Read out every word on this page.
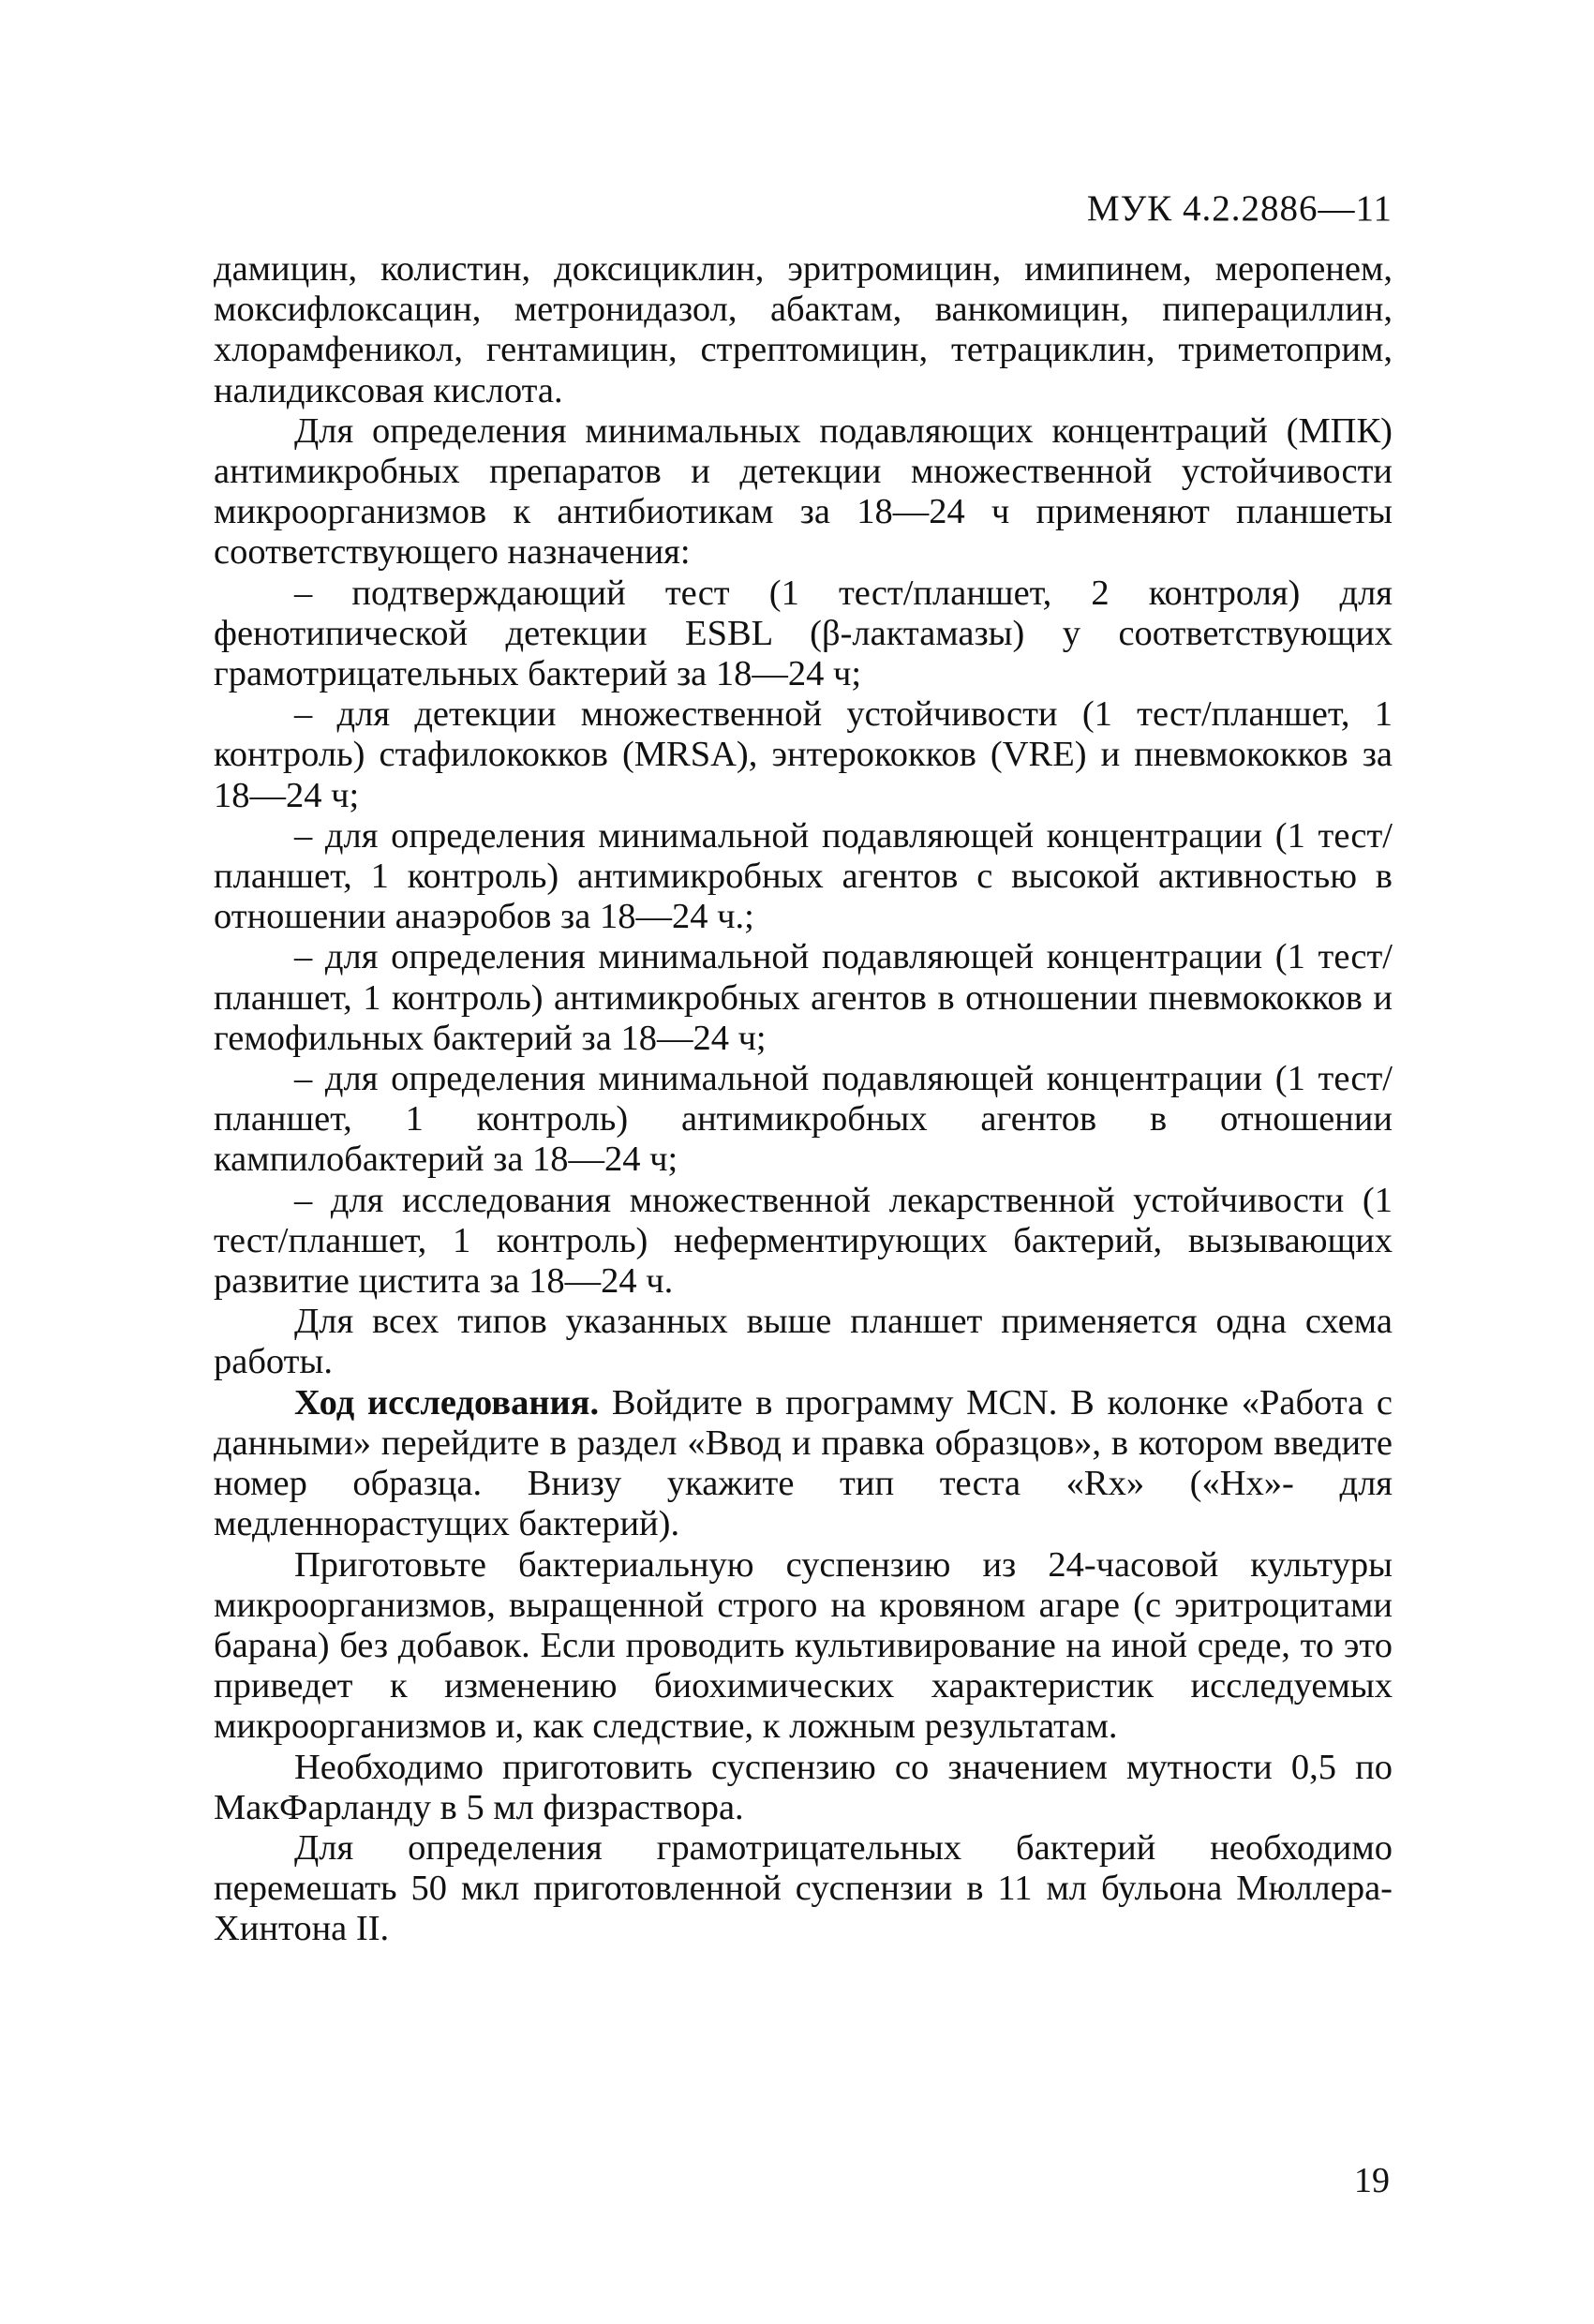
МУК 4.2.2886—11

дамицин, колистин, доксициклин, эритромицин, имипинем, меропенем, моксифлоксацин, метронидазол, абактам, ванкомицин, пиперациллин, хлорамфеникол, гентамицин, стрептомицин, тетрациклин, триметоприм, налидиксовая кислота.

Для определения минимальных подавляющих концентраций (МПК) антимикробных препаратов и детекции множественной устойчивости микроорганизмов к антибиотикам за 18—24 ч применяют планшеты соответствующего назначения:

– подтверждающий тест (1 тест/планшет, 2 контроля) для фенотипической детекции ESBL (β-лактамазы) у соответствующих грамотрицательных бактерий за 18—24 ч;

– для детекции множественной устойчивости (1 тест/планшет, 1 контроль) стафилококков (MRSA), энтерококков (VRE) и пневмококков за 18—24 ч;

– для определения минимальной подавляющей концентрации (1 тест/планшет, 1 контроль) антимикробных агентов с высокой активностью в отношении анаэробов за 18—24 ч.;

– для определения минимальной подавляющей концентрации (1 тест/планшет, 1 контроль) антимикробных агентов в отношении пневмококков и гемофильных бактерий за 18—24 ч;

– для определения минимальной подавляющей концентрации (1 тест/планшет, 1 контроль) антимикробных агентов в отношении кампилобактерий за 18—24 ч;

– для исследования множественной лекарственной устойчивости (1 тест/планшет, 1 контроль) неферментирующих бактерий, вызывающих развитие цистита за 18—24 ч.

Для всех типов указанных выше планшет применяется одна схема работы.

Ход исследования. Войдите в программу MCN. В колонке «Работа с данными» перейдите в раздел «Ввод и правка образцов», в котором введите номер образца. Внизу укажите тип теста «Rx» («Hx»- для медленнорастущих бактерий).

Приготовьте бактериальную суспензию из 24-часовой культуры микроорганизмов, выращенной строго на кровяном агаре (с эритроцитами барана) без добавок. Если проводить культивирование на иной среде, то это приведет к изменению биохимических характеристик исследуемых микроорганизмов и, как следствие, к ложным результатам.

Необходимо приготовить суспензию со значением мутности 0,5 по МакФарланду в 5 мл физраствора.

Для определения грамотрицательных бактерий необходимо перемешать 50 мкл приготовленной суспензии в 11 мл бульона Мюллера-Хинтона II.

19
